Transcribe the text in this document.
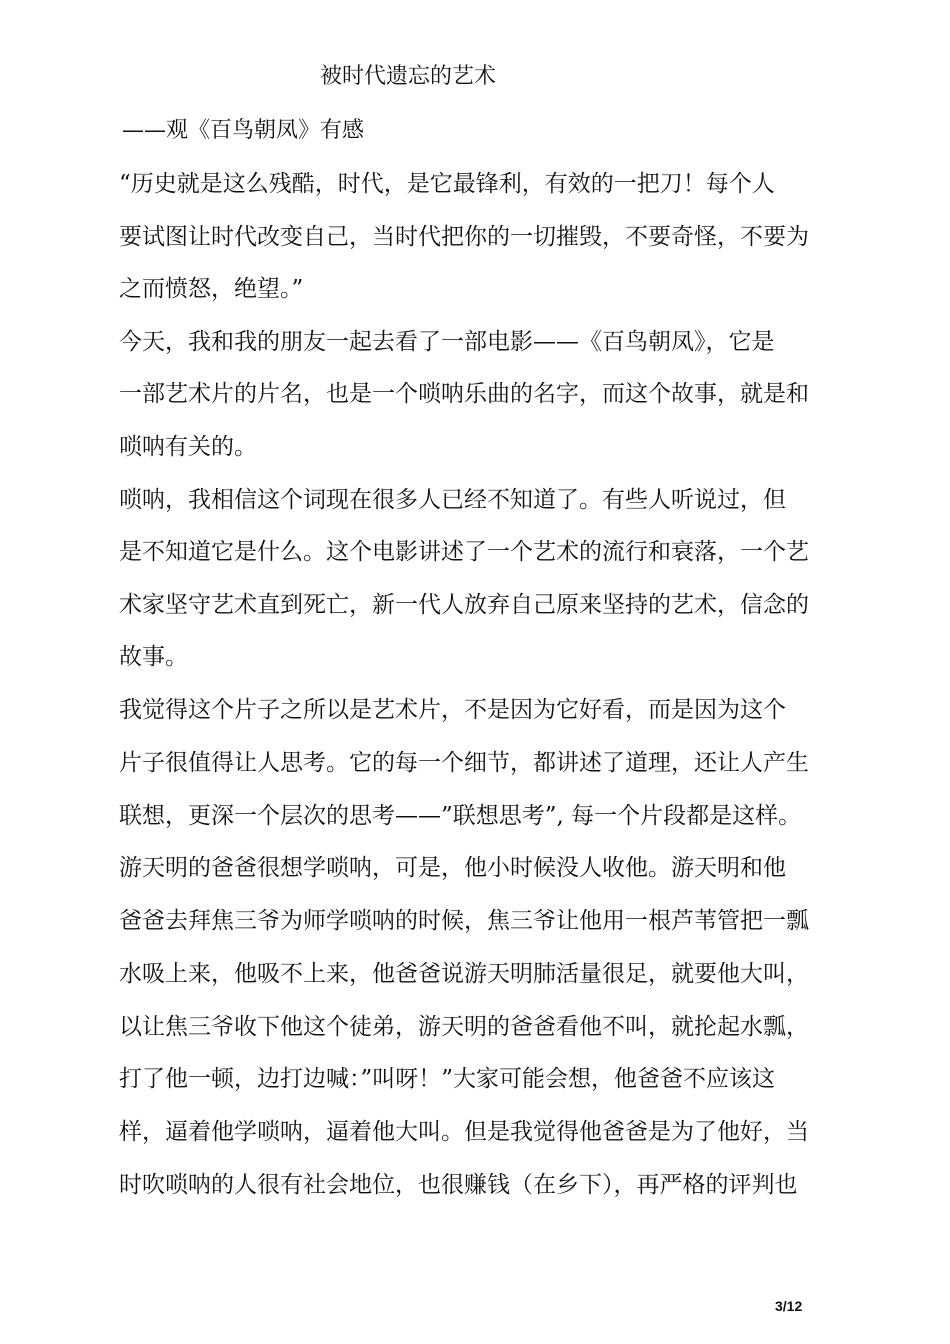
被时代遗忘的艺术
——观《百鸟朝凤》有感
“历史就是这么残酷，时代，是它最锋利，有效的一把刀！每个人
要试图让时代改变自己，当时代把你的一切摧毁，不要奇怪，不要为
之而愤怒，绝望。”
今天，我和我的朋友一起去看了一部电影——《百鸟朝凤》，它是
一部艺术片的片名，也是一个唢呐乐曲的名字，而这个故事，就是和
唢呐有关的。
唢呐，我相信这个词现在很多人已经不知道了。有些人听说过，但
是不知道它是什么。这个电影讲述了一个艺术的流行和衰落，一个艺
术家坚守艺术直到死亡，新一代人放弃自己原来坚持的艺术，信念的
故事。
我觉得这个片子之所以是艺术片，不是因为它好看，而是因为这个
片子很值得让人思考。它的每一个细节，都讲述了道理，还让人产生
联想，更深一个层次的思考——”联想思考”, 每一个片段都是这样。
游天明的爸爸很想学唢呐，可是，他小时候没人收他。游天明和他
爸爸去拜焦三爷为师学唢呐的时候，焦三爷让他用一根芦苇管把一瓢
水吸上来，他吸不上来，他爸爸说游天明肺活量很足，就要他大叫，
以让焦三爷收下他这个徒弟，游天明的爸爸看他不叫，就抡起水瓢，
打了他一顿，边打边喊：”叫呀！”大家可能会想，他爸爸不应该这
样，逼着他学唢呐，逼着他大叫。但是我觉得他爸爸是为了他好，当
时吹唢呐的人很有社会地位，也很赚钱（在乡下），再严格的评判也
3/12
